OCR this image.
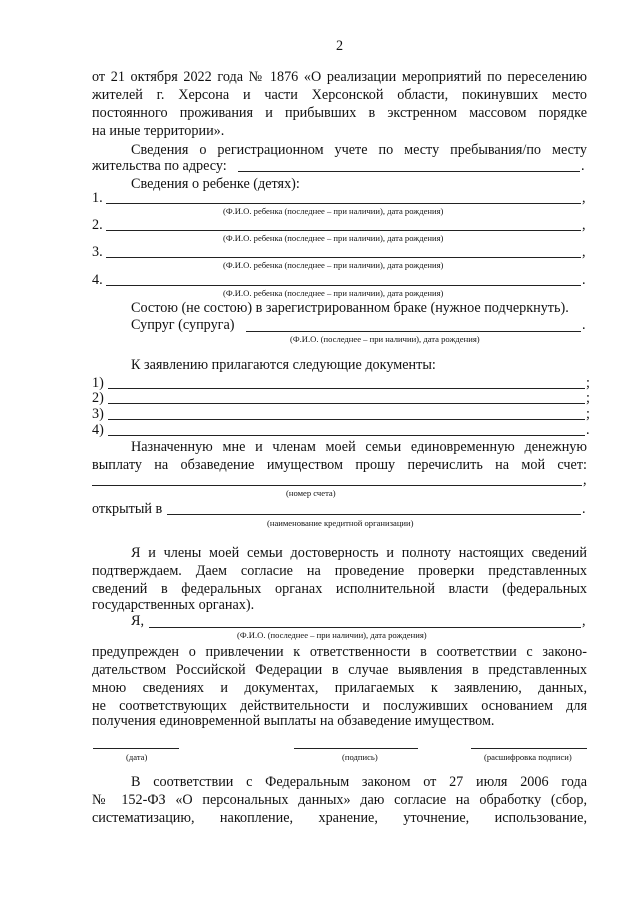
2
от 21 октября 2022 года № 1876 «О реализации мероприятий по переселению
жителей г. Херсона и части Херсонской области, покинувших место
постоянного проживания и прибывших в экстренном массовом порядке
на иные территории».
Сведения о регистрационном учете по месту пребывания/по месту
жительства по адресу:	.
Сведения о ребенке (детях):
1.	,
(Ф.И.О. ребенка (последнее – при наличии), дата рождения)
2.	,
(Ф.И.О. ребенка (последнее – при наличии), дата рождения)
3.	,
(Ф.И.О. ребенка (последнее – при наличии), дата рождения)
4.	.
(Ф.И.О. ребенка (последнее – при наличии), дата рождения)
Состою (не состою) в зарегистрированном браке (нужное подчеркнуть).
Супруг (супруга)	.
(Ф.И.О. (последнее – при наличии), дата рождения)
К заявлению прилагаются следующие документы:
1)	;
2)	;
3)	;
4)	.
Назначенную мне и членам моей семьи единовременную денежную
выплату на обзаведение имуществом прошу перечислить на мой счет:
,
(номер счета)
открытый в	.
(наименование кредитной организации)
Я и члены моей семьи достоверность и полноту настоящих сведений
подтверждаем. Даем согласие на проведение проверки представленных
сведений в федеральных органах исполнительной власти (федеральных
государственных органах).
Я,	,
(Ф.И.О. (последнее – при наличии), дата рождения)
предупрежден о привлечении к ответственности в соответствии с законо-
дательством Российской Федерации в случае выявления в представленных
мною сведениях и документах, прилагаемых к заявлению, данных,
не соответствующих действительности и послуживших основанием для
получения единовременной выплаты на обзаведение имуществом.
(дата)	(подпись)	(расшифровка подписи)
В соответствии с Федеральным законом от 27 июля 2006 года
№ 152-ФЗ «О персональных данных» даю согласие на обработку (сбор,
систематизацию, накопление, хранение, уточнение, использование,
